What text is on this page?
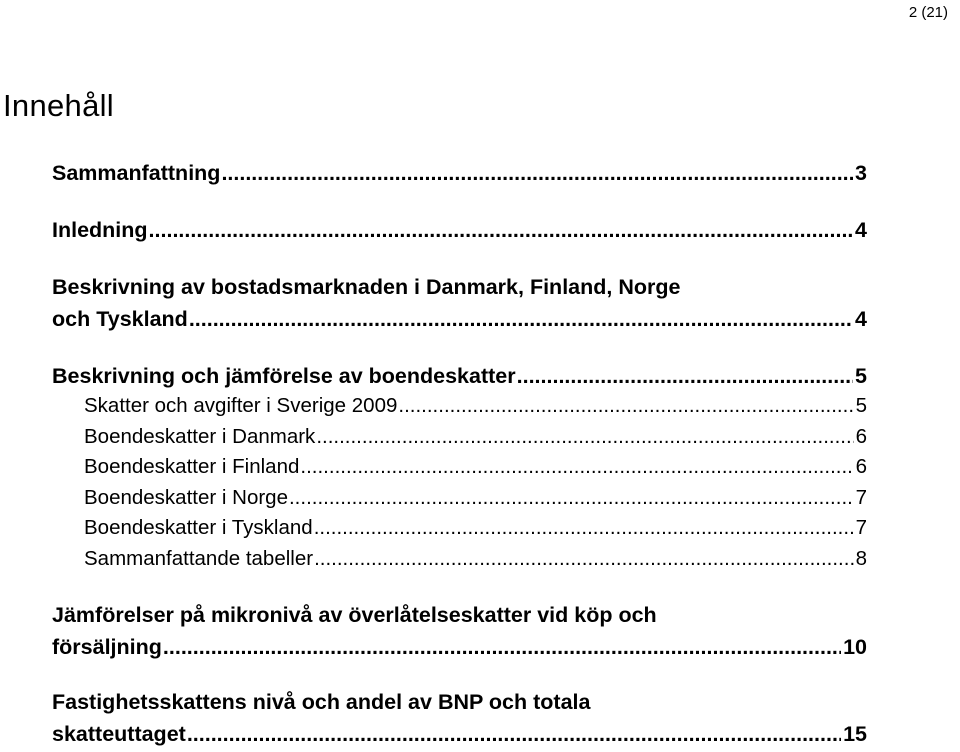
2 (21)
Innehåll
Sammanfattning .....	3
Inledning .....	4
Beskrivning av bostadsmarknaden i Danmark, Finland, Norge
och Tyskland .....	4
Beskrivning och jämförelse av boendeskatter .....	5
Skatter och avgifter i Sverige 2009 .....	5
Boendeskatter i Danmark .....	6
Boendeskatter i Finland .....	6
Boendeskatter i Norge .....	7
Boendeskatter i Tyskland .....	7
Sammanfattande tabeller .....	8
Jämförelser på mikronivå av överlåtelseskatter vid köp och
försäljning .....	10
Fastighetsskattens nivå och andel av BNP och totala
skatteuttaget .....	15
